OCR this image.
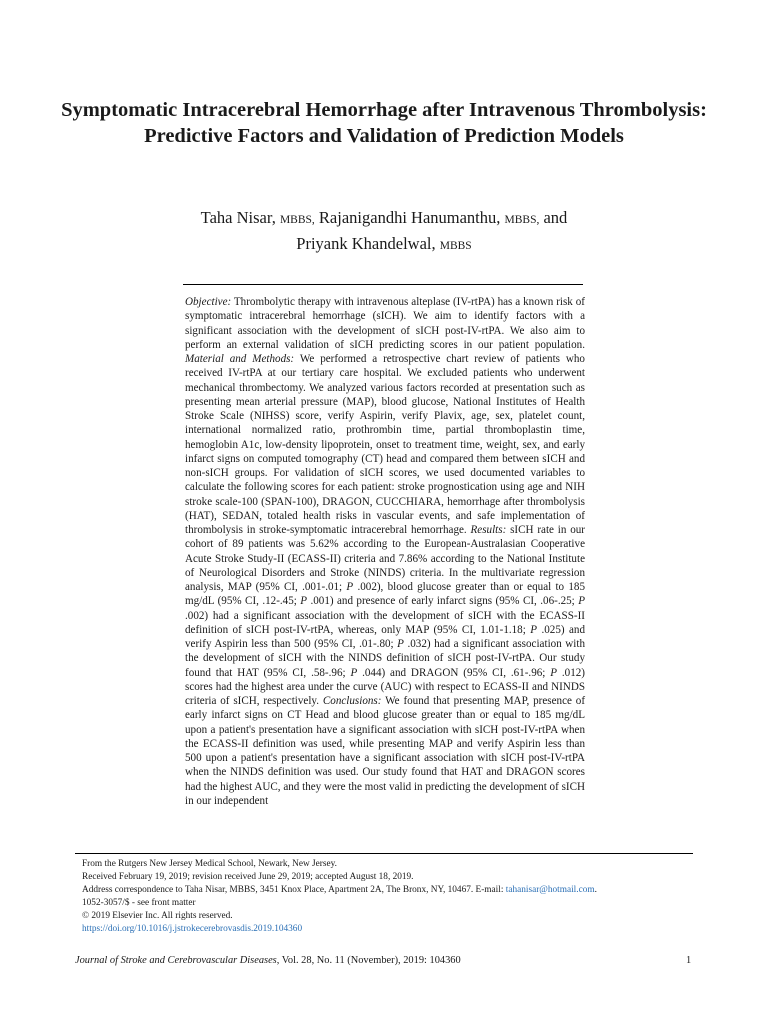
Symptomatic Intracerebral Hemorrhage after Intravenous Thrombolysis: Predictive Factors and Validation of Prediction Models
Taha Nisar, MBBS, Rajanigandhi Hanumanthu, MBBS, and
Priyank Khandelwal, MBBS

Objective: Thrombolytic therapy with intravenous alteplase (IV-rtPA) has a known risk of symptomatic intracerebral hemorrhage (sICH). We aim to identify factors with a significant association with the development of sICH post-IV-rtPA. We also aim to perform an external validation of sICH predicting scores in our patient population. Material and Methods: We performed a retrospective chart review of patients who received IV-rtPA at our tertiary care hospital. We excluded patients who underwent mechanical thrombectomy. We analyzed various factors recorded at presentation such as presenting mean arterial pressure (MAP), blood glucose, National Institutes of Health Stroke Scale (NIHSS) score, verify Aspirin, verify Plavix, age, sex, platelet count, international normalized ratio, prothrombin time, partial thromboplastin time, hemoglobin A1c, low-density lipoprotein, onset to treatment time, weight, sex, and early infarct signs on computed tomography (CT) head and compared them between sICH and non-sICH groups. For validation of sICH scores, we used documented variables to calculate the following scores for each patient: stroke prognostication using age and NIH stroke scale-100 (SPAN-100), DRAGON, CUCCHIARA, hemorrhage after thrombolysis (HAT), SEDAN, totaled health risks in vascular events, and safe implementation of thrombolysis in stroke-symptomatic intracerebral hemorrhage. Results: sICH rate in our cohort of 89 patients was 5.62% according to the European-Australasian Cooperative Acute Stroke Study-II (ECASS-II) criteria and 7.86% according to the National Institute of Neurological Disorders and Stroke (NINDS) criteria. In the multivariate regression analysis, MAP (95% CI, .001-.01; P .002), blood glucose greater than or equal to 185 mg/dL (95% CI, .12-.45; P .001) and presence of early infarct signs (95% CI, .06-.25; P .002) had a significant association with the development of sICH with the ECASS-II definition of sICH post-IV-rtPA, whereas, only MAP (95% CI, 1.01-1.18; P .025) and verify Aspirin less than 500 (95% CI, .01-.80; P .032) had a significant association with the development of sICH with the NINDS definition of sICH post-IV-rtPA. Our study found that HAT (95% CI, .58-.96; P .044) and DRAGON (95% CI, .61-.96; P .012) scores had the highest area under the curve (AUC) with respect to ECASS-II and NINDS criteria of sICH, respectively. Conclusions: We found that presenting MAP, presence of early infarct signs on CT Head and blood glucose greater than or equal to 185 mg/dL upon a patient's presentation have a significant association with sICH post-IV-rtPA when the ECASS-II definition was used, while presenting MAP and verify Aspirin less than 500 upon a patient's presentation have a significant association with sICH post-IV-rtPA when the NINDS definition was used. Our study found that HAT and DRAGON scores had the highest AUC, and they were the most valid in predicting the development of sICH in our independent

From the Rutgers New Jersey Medical School, Newark, New Jersey.
Received February 19, 2019; revision received June 29, 2019; accepted August 18, 2019.
Address correspondence to Taha Nisar, MBBS, 3451 Knox Place, Apartment 2A, The Bronx, NY, 10467. E-mail: tahanisar@hotmail.com.
1052-3057/$ - see front matter
© 2019 Elsevier Inc. All rights reserved.
https://doi.org/10.1016/j.jstrokecerebrovasdis.2019.104360
Journal of Stroke and Cerebrovascular Diseases, Vol. 28, No. 11 (November), 2019: 104360	1
